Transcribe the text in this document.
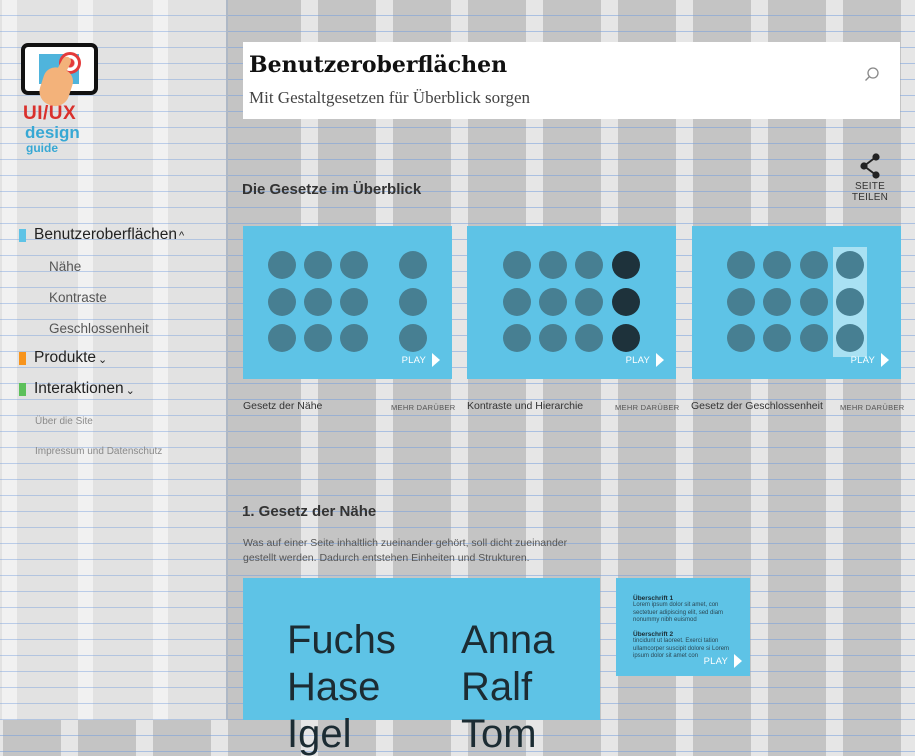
UI/UX
design
guide
Benutzeroberflächen ^
Nähe
Kontraste
Geschlossenheit
Produkte ⌄
Interaktionen ⌄
Über die Site
Impressum und Datenschutz
Benutzeroberflächen
Mit Gestaltgesetzen für Überblick sorgen
Die Gesetze im Überblick	SEITE TEILEN
PLAY	PLAY	PLAY
Gesetz der Nähe	MEHR DARÜBER Kontraste und Hierarchie	MEHR DARÜBER Gesetz der Geschlossenheit MEHR DARÜBER
1. Gesetz der Nähe
Was auf einer Seite inhaltlich zueinander gehört, soll dicht zueinander gestellt werden. Dadurch entstehen Einheiten und Strukturen.
Fuchs
Hase
Igel
Anna
Ralf
Tom
Überschrift 1
Lorem ipsum dolor sit amet, con sectetuer adipiscing elit, sed diam nonummy nibh euismod
Überschrift 2
tincidunt ut laoreet. Exerci tation ullamcorper suscipit dolore si Lorem ipsum dolor sit amet con PLAY
